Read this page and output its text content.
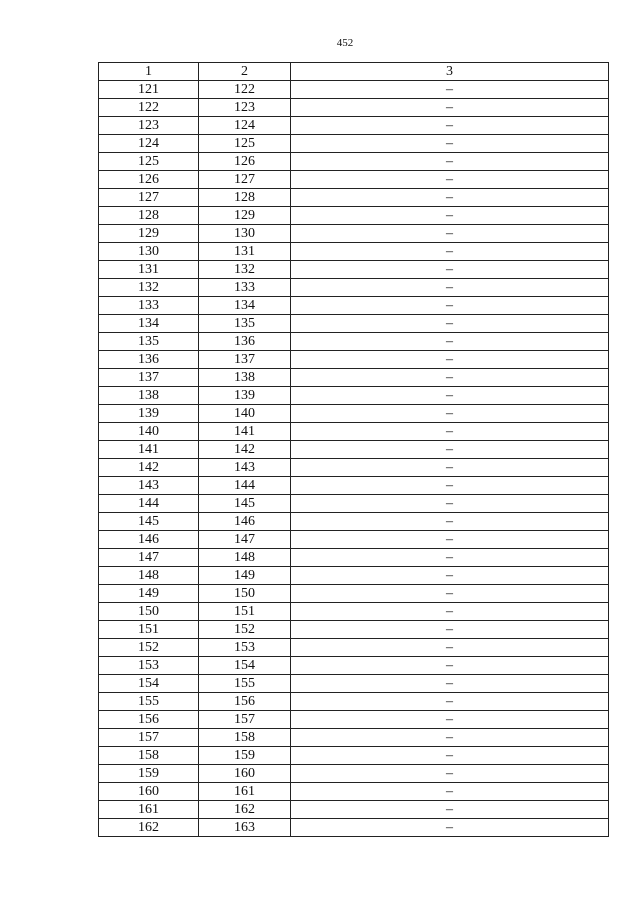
452
1	2	3
121	122	–
122	123	–
123	124	–
124	125	–
125	126	–
126	127	–
127	128	–
128	129	–
129	130	–
130	131	–
131	132	–
132	133	–
133	134	–
134	135	–
135	136	–
136	137	–
137	138	–
138	139	–
139	140	–
140	141	–
141	142	–
142	143	–
143	144	–
144	145	–
145	146	–
146	147	–
147	148	–
148	149	–
149	150	–
150	151	–
151	152	–
152	153	–
153	154	–
154	155	–
155	156	–
156	157	–
157	158	–
158	159	–
159	160	–
160	161	–
161	162	–
162	163	–
